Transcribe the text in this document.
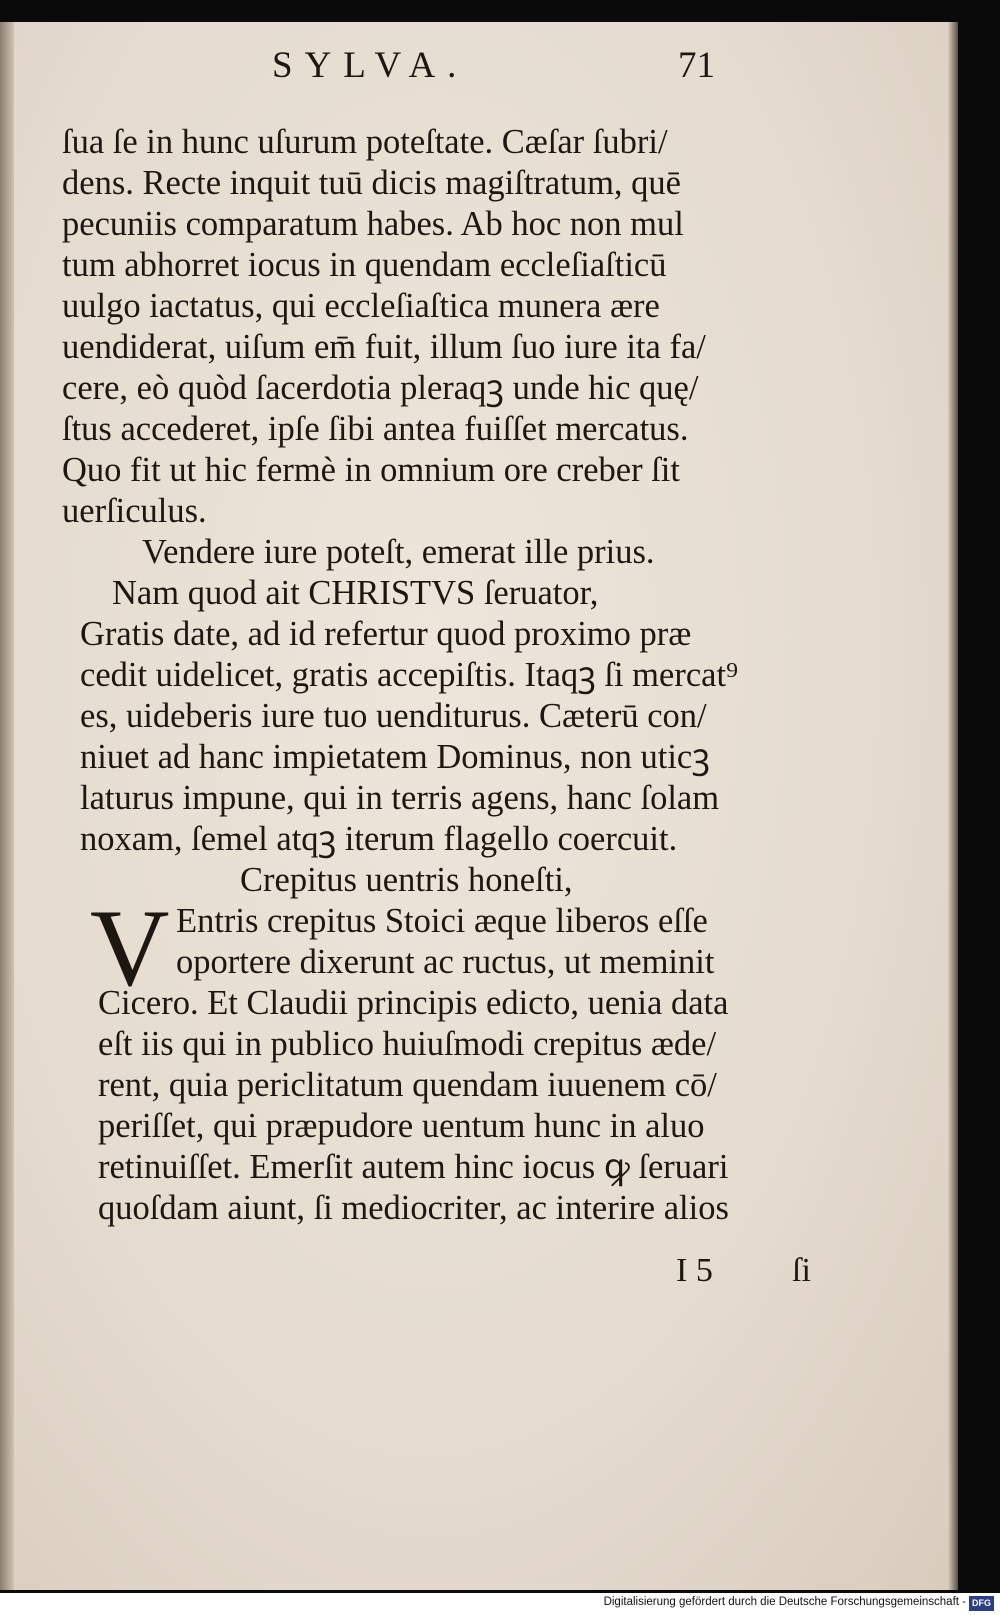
SYLVA.	71
ſua ſe in hunc uſurum poteſtate. Cæſar ſubri/
dens. Recte inquit tuū dicis magiſtratum, quē
pecuniis comparatum habes. Ab hoc non mul
tum abhorret iocus in quendam eccleſiaſticū
uulgo iactatus, qui eccleſiaſtica munera ære
uendiderat, uiſum em̄ fuit, illum ſuo iure ita fa/
cere, eò quòd ſacerdotia pleraqꝫ unde hic quę/
ſtus accederet, ipſe ſibi antea fuiſſet mercatus.
Quo fit ut hic fermè in omnium ore creber ſit
uerſiculus.
Vendere iure poteſt, emerat ille prius.
Nam quod ait CHRISTVS ſeruator,
Gratis date, ad id refertur quod proximo præ
cedit uidelicet, gratis accepiſtis. Itaqꝫ ſi mercat⁹
es, uideberis iure tuo uenditurus. Cæterū con/
niuet ad hanc impietatem Dominus, non uticꝫ
laturus impune, qui in terris agens, hanc ſolam
noxam, ſemel atqꝫ iterum flagello coercuit.
Crepitus uentris honeſti,
V Entris crepitus Stoici æque liberos eſſe
oportere dixerunt ac ructus, ut meminit
Cicero. Et Claudii principis edicto, uenia data
eſt iis qui in publico huiuſmodi crepitus æde/
rent, quia periclitatum quendam iuuenem cō/
periſſet, qui præpudore uentum hunc in aluo
retinuiſſet. Emerſit autem hinc iocus ꝙ ſeruari
quoſdam aiunt, ſi mediocriter, ac interire alios
I 5 ſi
Digitalisierung gefördert durch die Deutsche Forschungsgemeinschaft - DFG
